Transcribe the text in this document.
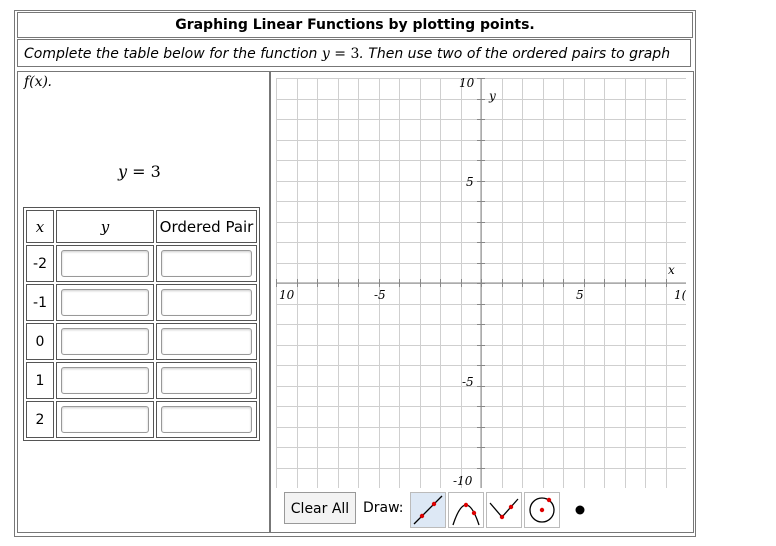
Graphing Linear Functions by plotting points.
Complete the table below for the function y = 3. Then use two of the ordered pairs to graph f(x).
y = 3
x	y	Ordered Pair
-2	

-1	

0	

1	

2	

10
5
-5
-10
10	-5	5	1(
y
x
Clear All Draw:
